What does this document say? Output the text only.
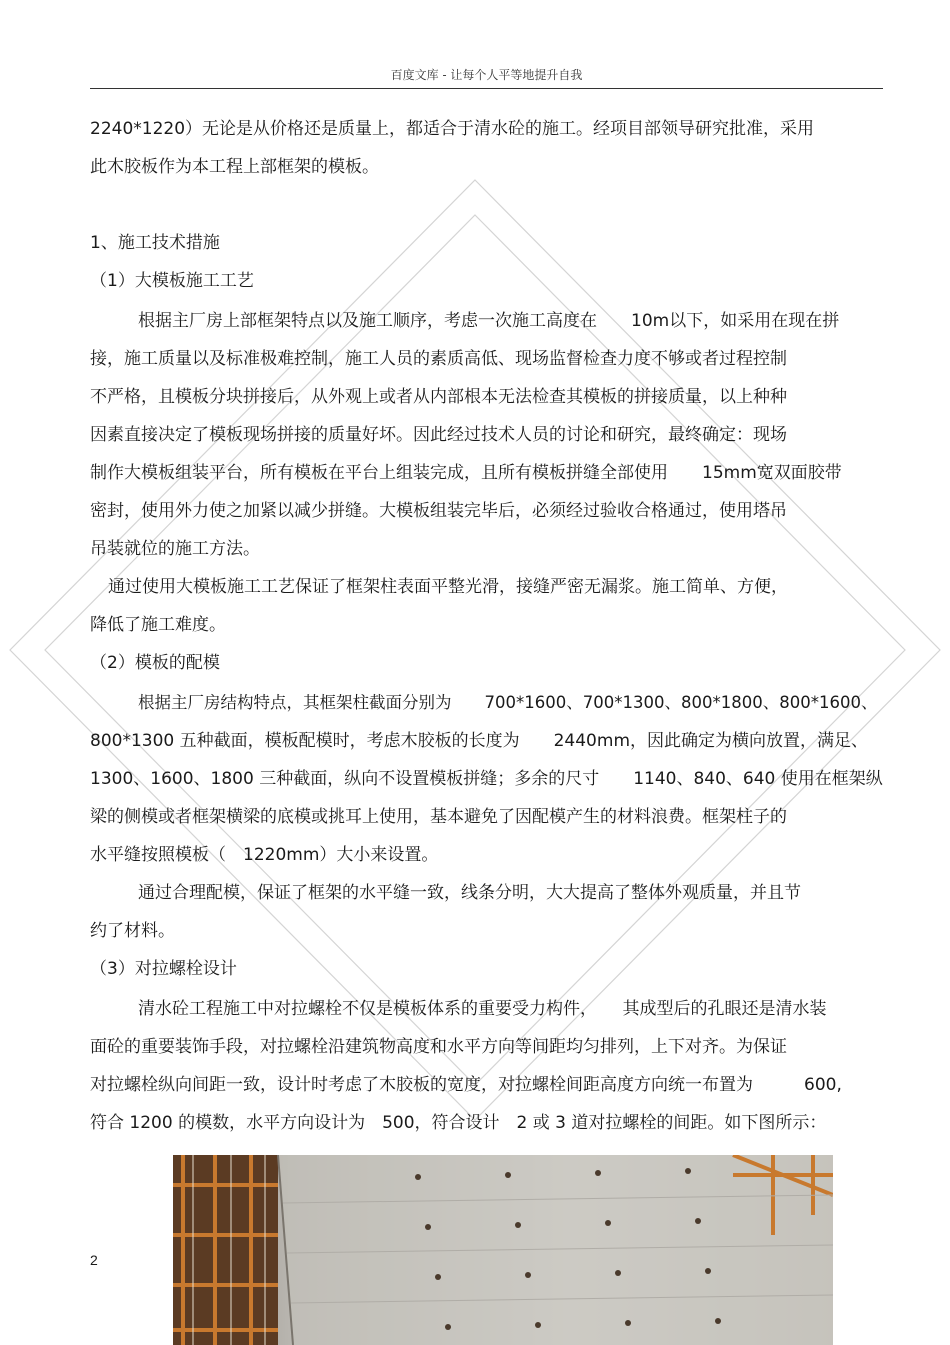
百度文库 - 让每个人平等地提升自我
2240*1220）无论是从价格还是质量上，都适合于清水砼的施工。经项目部领导研究批准，采用
此木胶板作为本工程上部框架的模板。
1、施工技术措施
（1）大模板施工工艺
根据主厂房上部框架特点以及施工顺序，考虑一次施工高度在　　10m以下，如采用在现在拼
接，施工质量以及标准极难控制，施工人员的素质高低、现场监督检查力度不够或者过程控制
不严格，且模板分块拼接后，从外观上或者从内部根本无法检查其模板的拼接质量，以上种种
因素直接决定了模板现场拼接的质量好坏。因此经过技术人员的讨论和研究，最终确定：现场
制作大模板组装平台，所有模板在平台上组装完成，且所有模板拼缝全部使用　　15mm宽双面胶带
密封，使用外力使之加紧以减少拼缝。大模板组装完毕后，必须经过验收合格通过，使用塔吊
吊装就位的施工方法。
通过使用大模板施工工艺保证了框架柱表面平整光滑，接缝严密无漏浆。施工简单、方便，
降低了施工难度。
（2）模板的配模
根据主厂房结构特点，其框架柱截面分别为　　700*1600、700*1300、800*1800、800*1600、
800*1300 五种截面，模板配模时，考虑木胶板的长度为　　2440mm，因此确定为横向放置，满足、
1300、1600、1800 三种截面，纵向不设置模板拼缝；多余的尺寸　　1140、840、640 使用在框架纵
梁的侧模或者框架横梁的底模或挑耳上使用，基本避免了因配模产生的材料浪费。框架柱子的
水平缝按照模板（　1220mm）大小来设置。
通过合理配模，保证了框架的水平缝一致，线条分明，大大提高了整体外观质量，并且节
约了材料。
（3）对拉螺栓设计
清水砼工程施工中对拉螺栓不仅是模板体系的重要受力构件，　　其成型后的孔眼还是清水装
面砼的重要装饰手段，对拉螺栓沿建筑物高度和水平方向等间距均匀排列，上下对齐。为保证
对拉螺栓纵向间距一致，设计时考虑了木胶板的宽度，对拉螺栓间距高度方向统一布置为　　　600,
符合 1200 的模数，水平方向设计为　500，符合设计　2 或 3 道对拉螺栓的间距。如下图所示：
2
